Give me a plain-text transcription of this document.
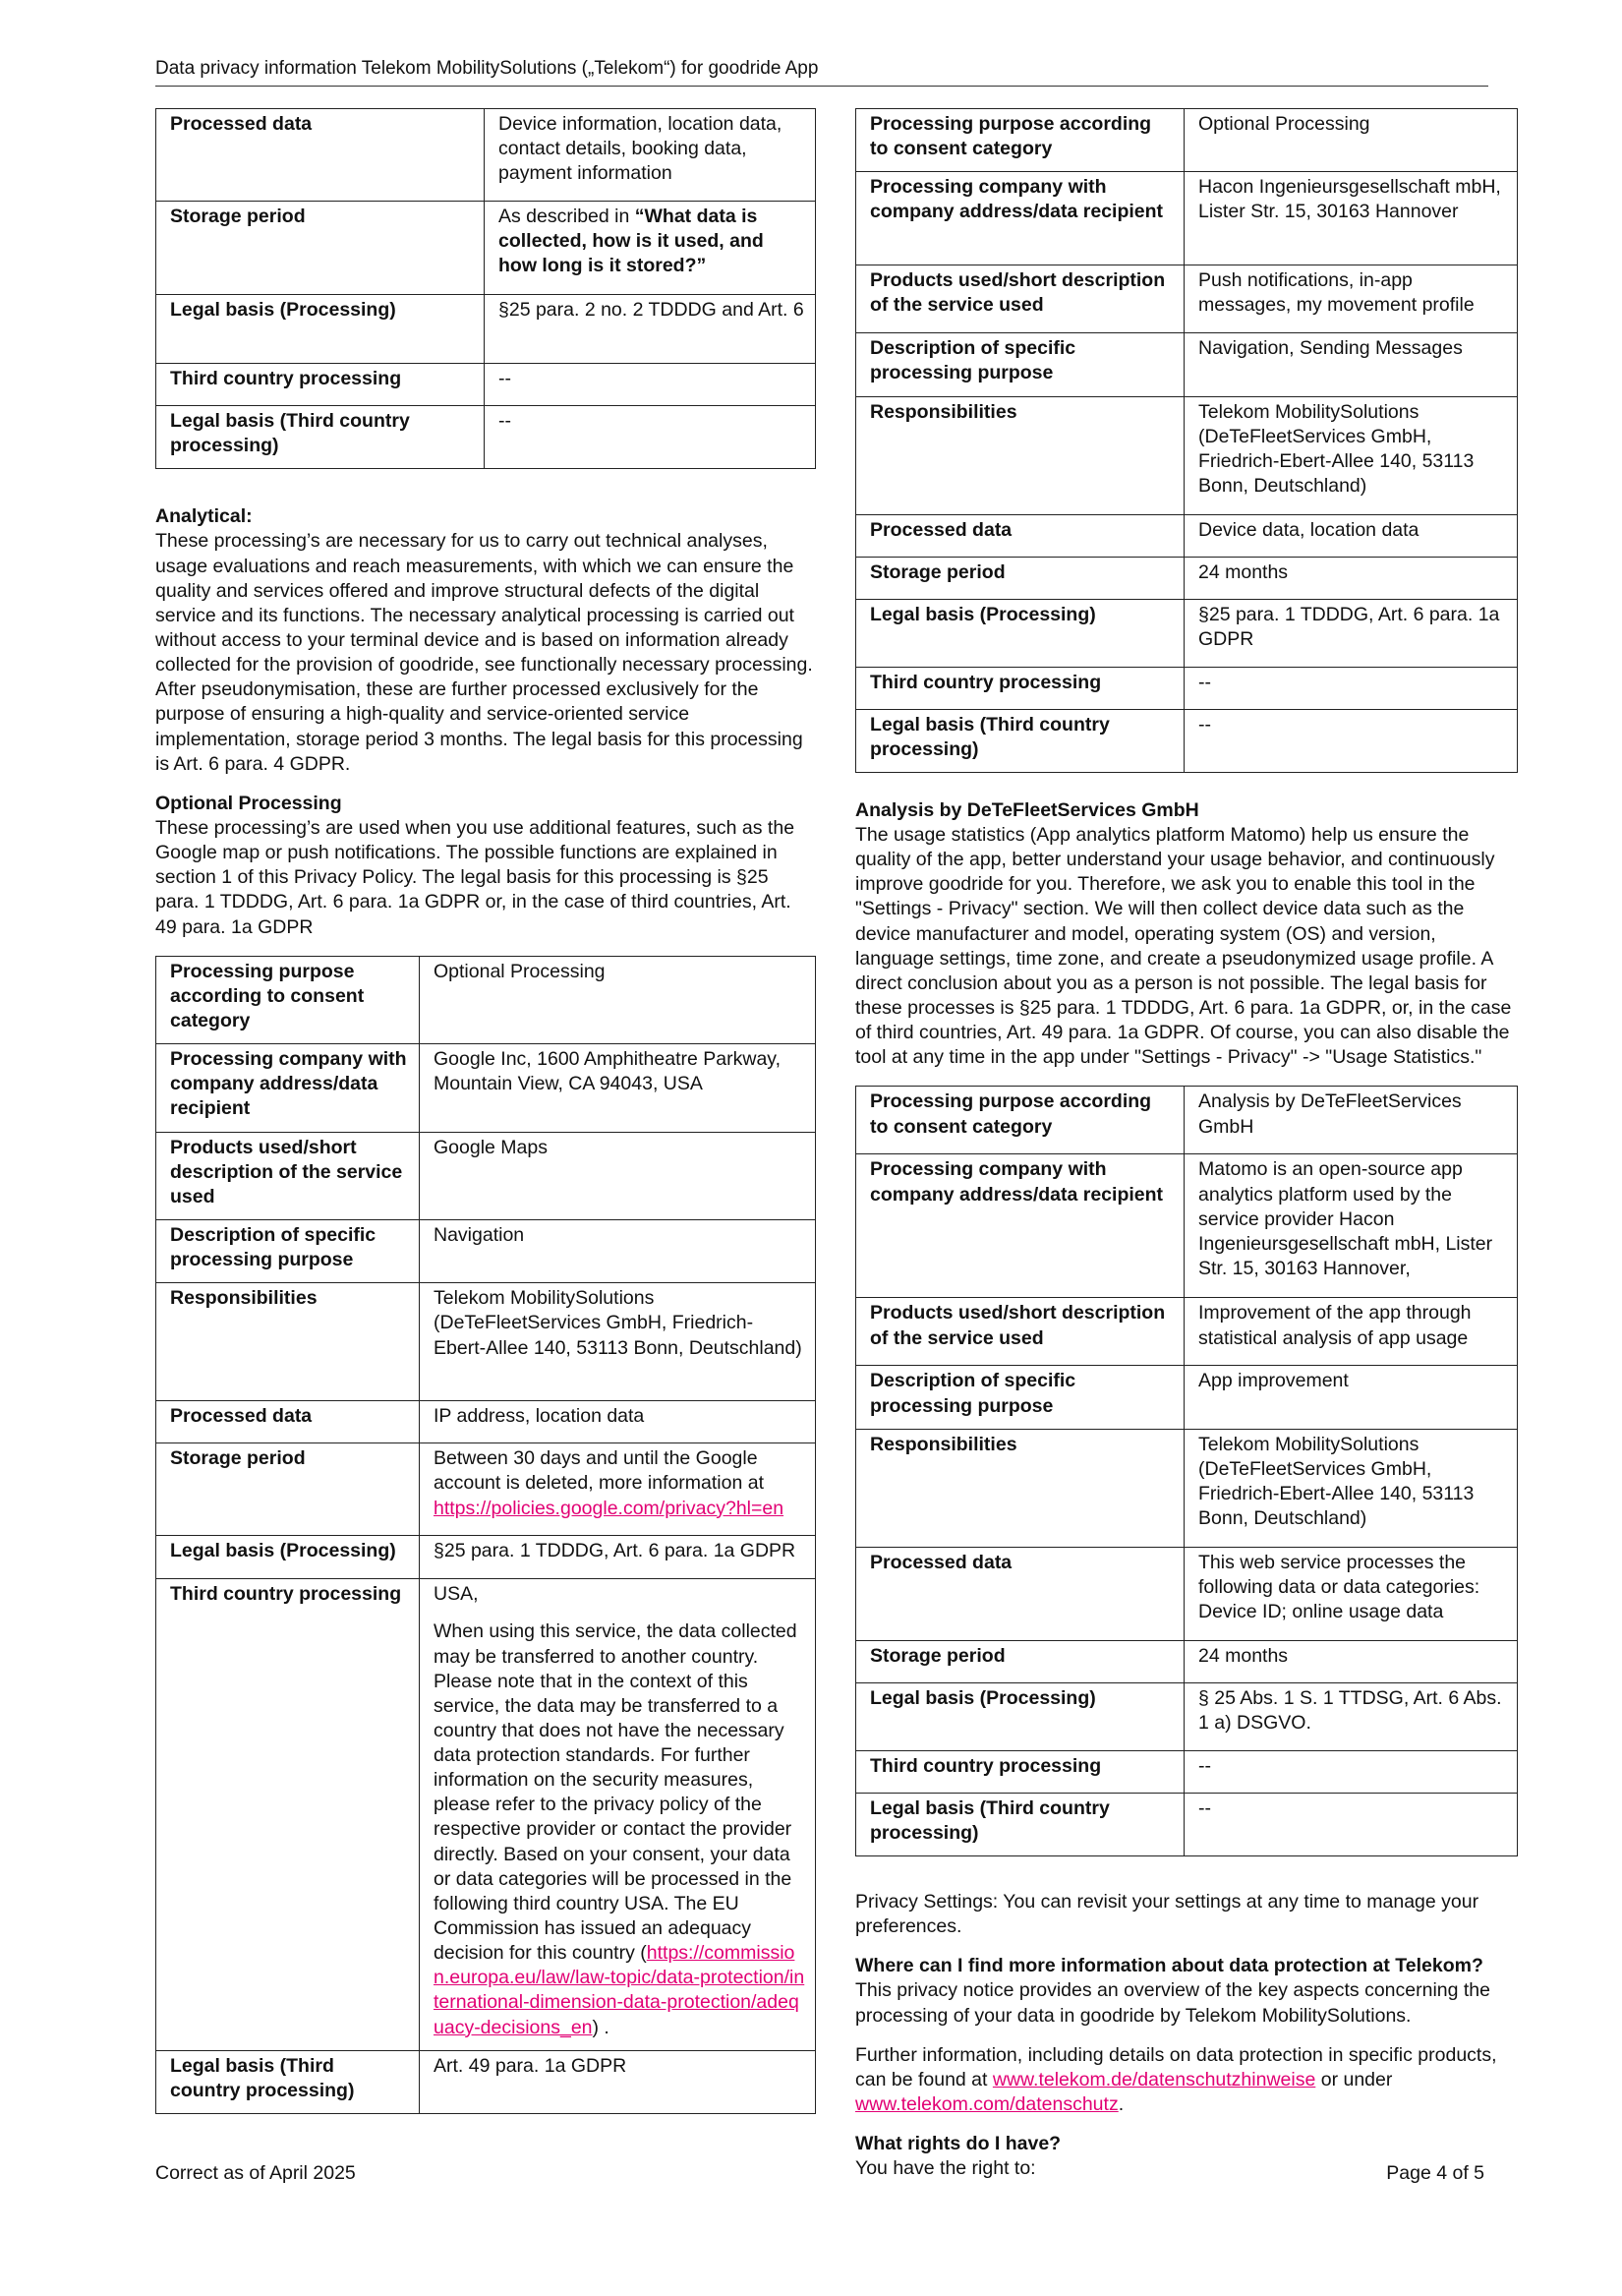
Data privacy information Telekom MobilitySolutions („Telekom“) for goodride App
Processed data	Device information, location data, contact details, booking data, payment information
Storage period	As described in “What data is collected, how is it used, and how long is it stored?”
Legal basis (Processing)	§25 para. 2 no. 2 TDDDG and Art. 6
Third country processing	--
Legal basis (Third country processing)	--

Analytical:

These processing’s are necessary for us to carry out technical analyses, usage evaluations and reach measurements, with which we can ensure the quality and services offered and improve structural defects of the digital service and its functions. The necessary analytical processing is carried out without access to your terminal device and is based on information already collected for the provision of goodride, see functionally necessary processing. After pseudonymisation, these are further processed exclusively for the purpose of ensuring a high-quality and service-oriented service implementation, storage period 3 months. The legal basis for this processing is Art. 6 para. 4 GDPR.

Optional Processing

These processing’s are used when you use additional features, such as the Google map or push notifications. The possible functions are explained in section 1 of this Privacy Policy. The legal basis for this processing is §25 para. 1 TDDDG, Art. 6 para. 1a GDPR or, in the case of third countries, Art. 49 para. 1a GDPR

Processing purpose according to consent category	Optional Processing
Processing company with company address/data recipient	Google Inc, 1600 Amphitheatre Parkway, Mountain View, CA 94043, USA
Products used/short description of the service used	Google Maps
Description of specific processing purpose	Navigation
Responsibilities	Telekom MobilitySolutions (DeTeFleetServices GmbH, Friedrich-Ebert-Allee 140, 53113 Bonn, Deutschland)
Processed data	IP address, location data
Storage period	Between 30 days and until the Google account is deleted, more information at https://policies.google.com/privacy?hl=en
Legal basis (Processing)	§25 para. 1 TDDDG, Art. 6 para. 1a GDPR
Third country processing	USA,

When using this service, the data collected may be transferred to another country. Please note that in the context of this service, the data may be transferred to a country that does not have the necessary data protection standards. For further information on the security measures, please refer to the privacy policy of the respective provider or contact the provider directly. Based on your consent, your data or data categories will be processed in the following third country USA. The EU Commission has issued an adequacy decision for this country (https://commission.europa.eu/law/law-topic/data-protection/international-dimension-data-protection/adequacy-decisions_en) .

Legal basis (Third country processing)	Art. 49 para. 1a GDPR
Processing purpose according to consent category	Optional Processing
Processing company with company address/data recipient	Hacon Ingenieursgesellschaft mbH, Lister Str. 15, 30163 Hannover
Products used/short description of the service used	Push notifications, in-app messages, my movement profile
Description of specific processing purpose	Navigation, Sending Messages
Responsibilities	Telekom MobilitySolutions (DeTeFleetServices GmbH, Friedrich-Ebert-Allee 140, 53113 Bonn, Deutschland)
Processed data	Device data, location data
Storage period	24 months
Legal basis (Processing)	§25 para. 1 TDDDG, Art. 6 para. 1a GDPR
Third country processing	--
Legal basis (Third country processing)	--

Analysis by DeTeFleetServices GmbH

The usage statistics (App analytics platform Matomo) help us ensure the quality of the app, better understand your usage behavior, and continuously improve goodride for you. Therefore, we ask you to enable this tool in the "Settings - Privacy" section. We will then collect device data such as the device manufacturer and model, operating system (OS) and version, language settings, time zone, and create a pseudonymized usage profile. A direct conclusion about you as a person is not possible. The legal basis for these processes is §25 para. 1 TDDDG, Art. 6 para. 1a GDPR, or, in the case of third countries, Art. 49 para. 1a GDPR. Of course, you can also disable the tool at any time in the app under "Settings - Privacy" -> "Usage Statistics."

Processing purpose according to consent category	Analysis by DeTeFleetServices GmbH
Processing company with company address/data recipient	Matomo is an open-source app analytics platform used by the service provider Hacon Ingenieursgesellschaft mbH, Lister Str. 15, 30163 Hannover,
Products used/short description of the service used	Improvement of the app through statistical analysis of app usage
Description of specific processing purpose	App improvement
Responsibilities	Telekom MobilitySolutions (DeTeFleetServices GmbH, Friedrich-Ebert-Allee 140, 53113 Bonn, Deutschland)
Processed data	This web service processes the following data or data categories: Device ID; online usage data
Storage period	24 months
Legal basis (Processing)	§ 25 Abs. 1 S. 1 TTDSG, Art. 6 Abs. 1 a) DSGVO.
Third country processing	--
Legal basis (Third country processing)	--

Privacy Settings: You can revisit your settings at any time to manage your preferences.

Where can I find more information about data protection at Telekom?

This privacy notice provides an overview of the key aspects concerning the processing of your data in goodride by Telekom MobilitySolutions.

Further information, including details on data protection in specific products, can be found at www.telekom.de/datenschutzhinweise or under www.telekom.com/datenschutz.

What rights do I have?

You have the right to:

Correct as of April 2025	Page 4 of 5
